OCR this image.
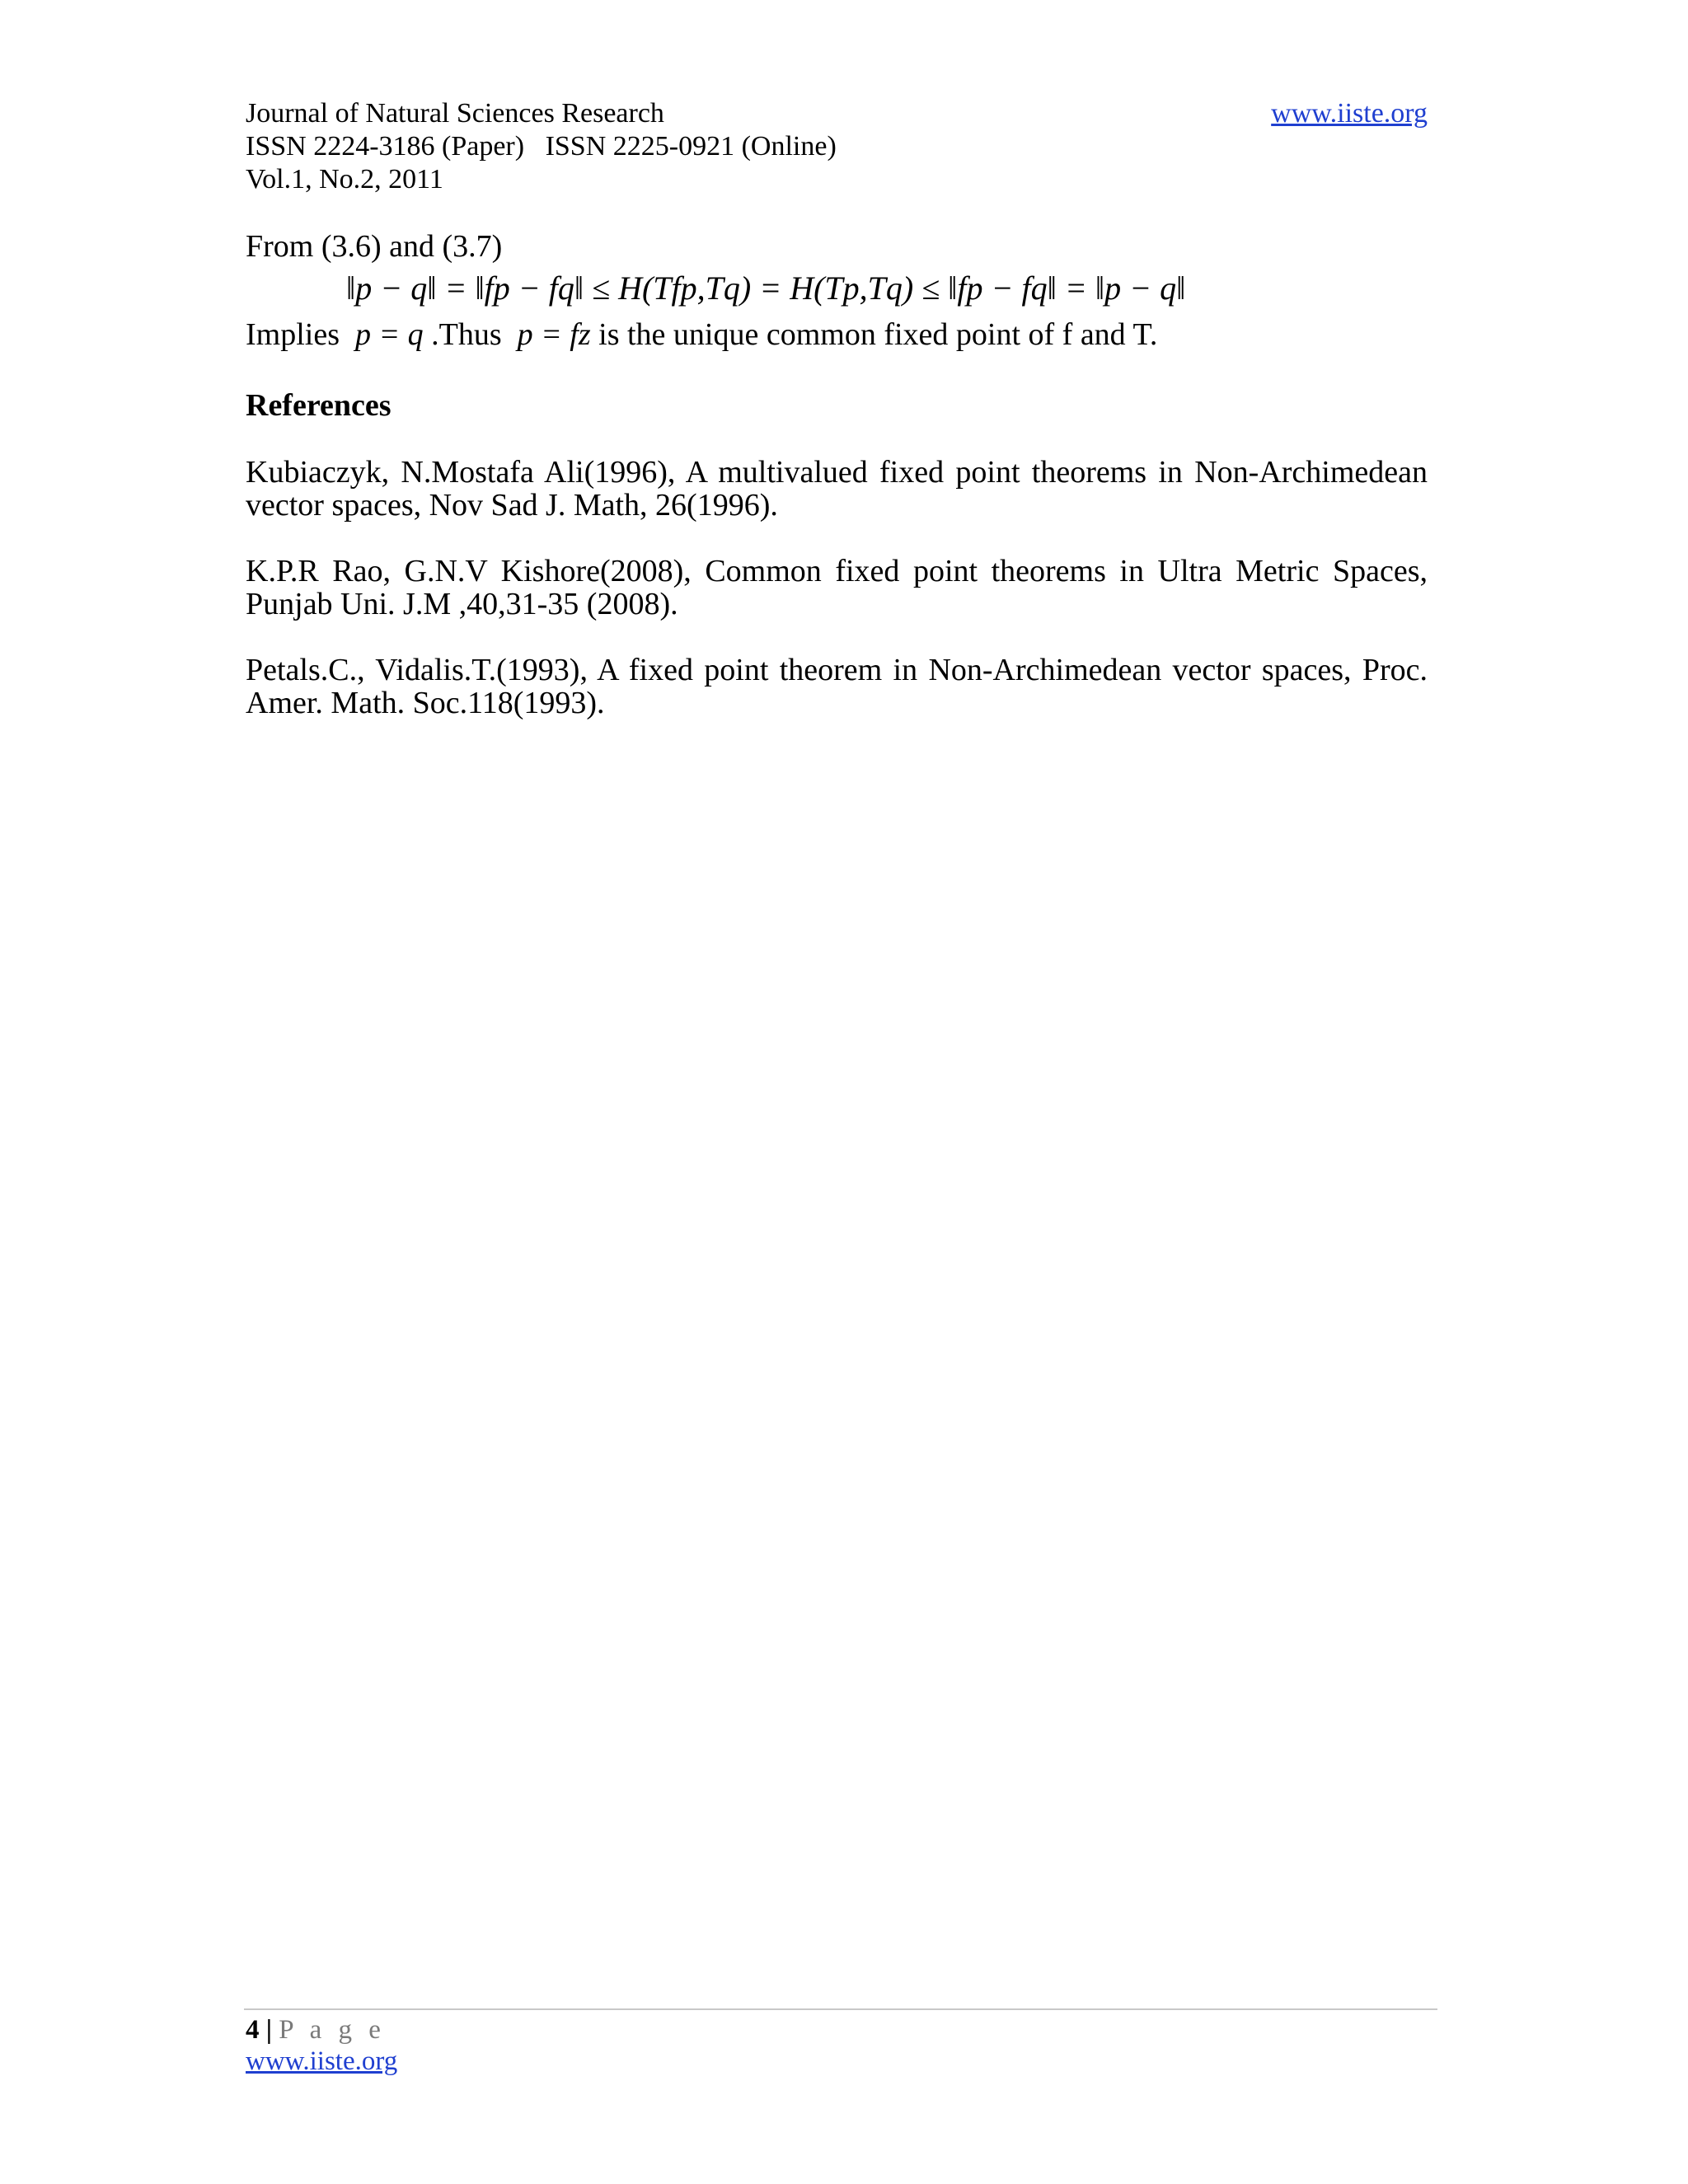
Journal of Natural Sciences Research
ISSN 2224-3186 (Paper)   ISSN 2225-0921 (Online)
Vol.1, No.2, 2011
www.iiste.org

From (3.6) and (3.7)

‖p − q‖ = ‖fp − fq‖ ≤ H(Tfp,Tq) = H(Tp,Tq) ≤ ‖fp − fq‖ = ‖p − q‖
Implies p = q .Thus p = fz is the unique common fixed point of f and T.
References
Kubiaczyk, N.Mostafa Ali(1996), A multivalued fixed point theorems in Non-Archimedean vector spaces, Nov Sad J. Math, 26(1996).
K.P.R Rao, G.N.V Kishore(2008), Common fixed point theorems in Ultra Metric Spaces, Punjab Uni. J.M ,40,31-35 (2008).
Petals.C., Vidalis.T.(1993), A fixed point theorem in Non-Archimedean vector spaces, Proc. Amer. Math. Soc.118(1993).
4 | P a g e
www.iiste.org
